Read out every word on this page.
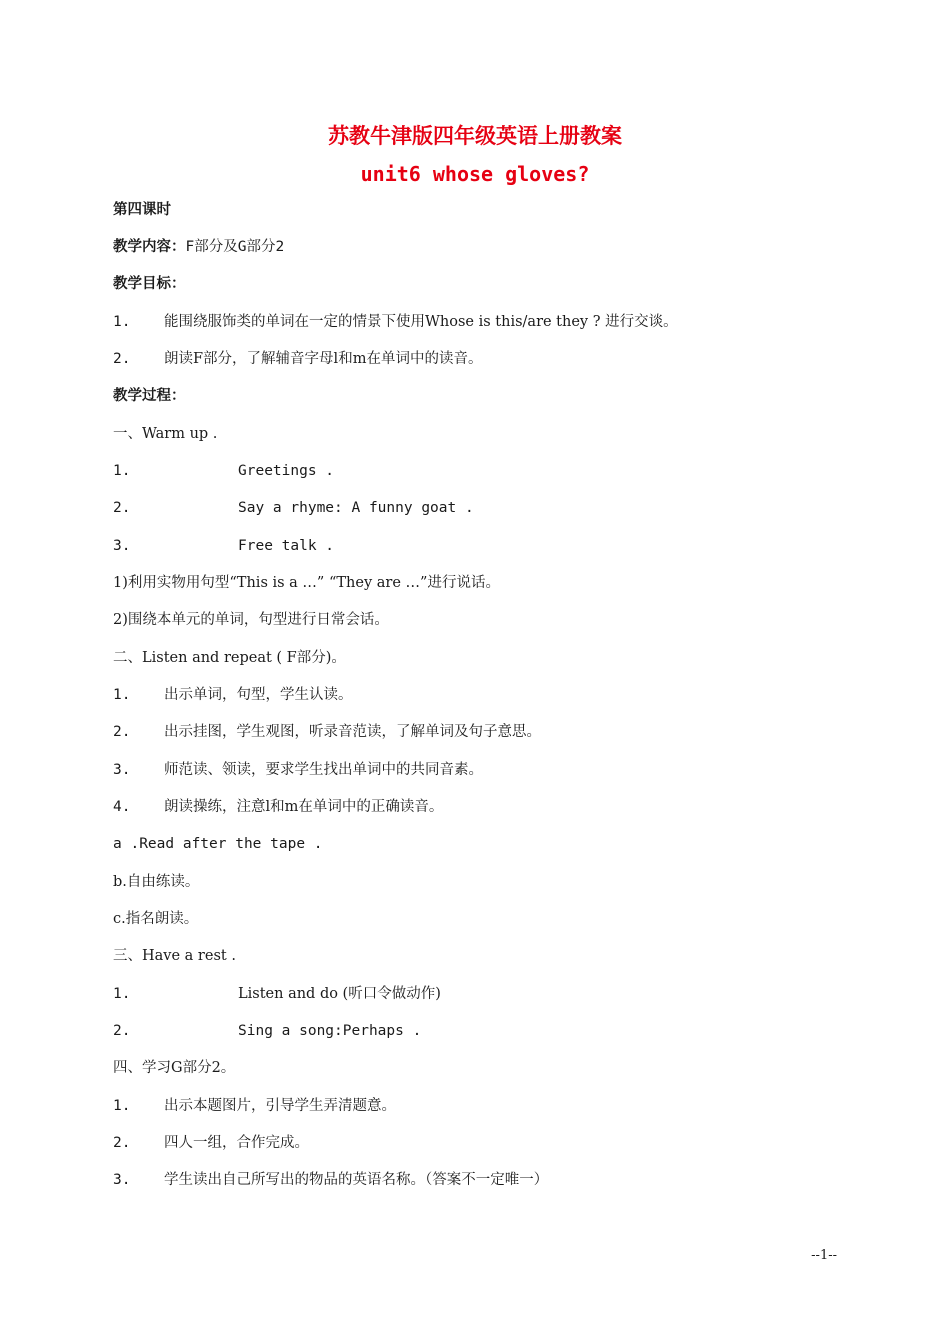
苏教牛津版四年级英语上册教案
unit6 whose gloves?
第四课时
教学内容：F部分及G部分2
教学目标：
1. 能围绕服饰类的单词在一定的情景下使用Whose is this/are they ? 进行交谈。
2. 朗读F部分，了解辅音字母l和m在单词中的读音。
教学过程：
一、Warm up .
1.	Greetings .
2.	Say a rhyme: A funny goat .
3.	Free talk .
1)利用实物用句型“This is a …” “They are …”进行说话。
2)围绕本单元的单词，句型进行日常会话。
二、Listen and repeat ( F部分)。
1. 出示单词，句型，学生认读。
2. 出示挂图，学生观图，听录音范读，了解单词及句子意思。
3. 师范读、领读，要求学生找出单词中的共同音素。
4. 朗读操练，注意l和m在单词中的正确读音。
a .Read after the tape .
b.自由练读。
c.指名朗读。
三、Have a rest .
1.	Listen and do (听口令做动作)
2.	Sing a song:Perhaps .
四、学习G部分2。
1. 出示本题图片，引导学生弄清题意。
2. 四人一组，合作完成。
3. 学生读出自己所写出的物品的英语名称。（答案不一定唯一）
--1--
